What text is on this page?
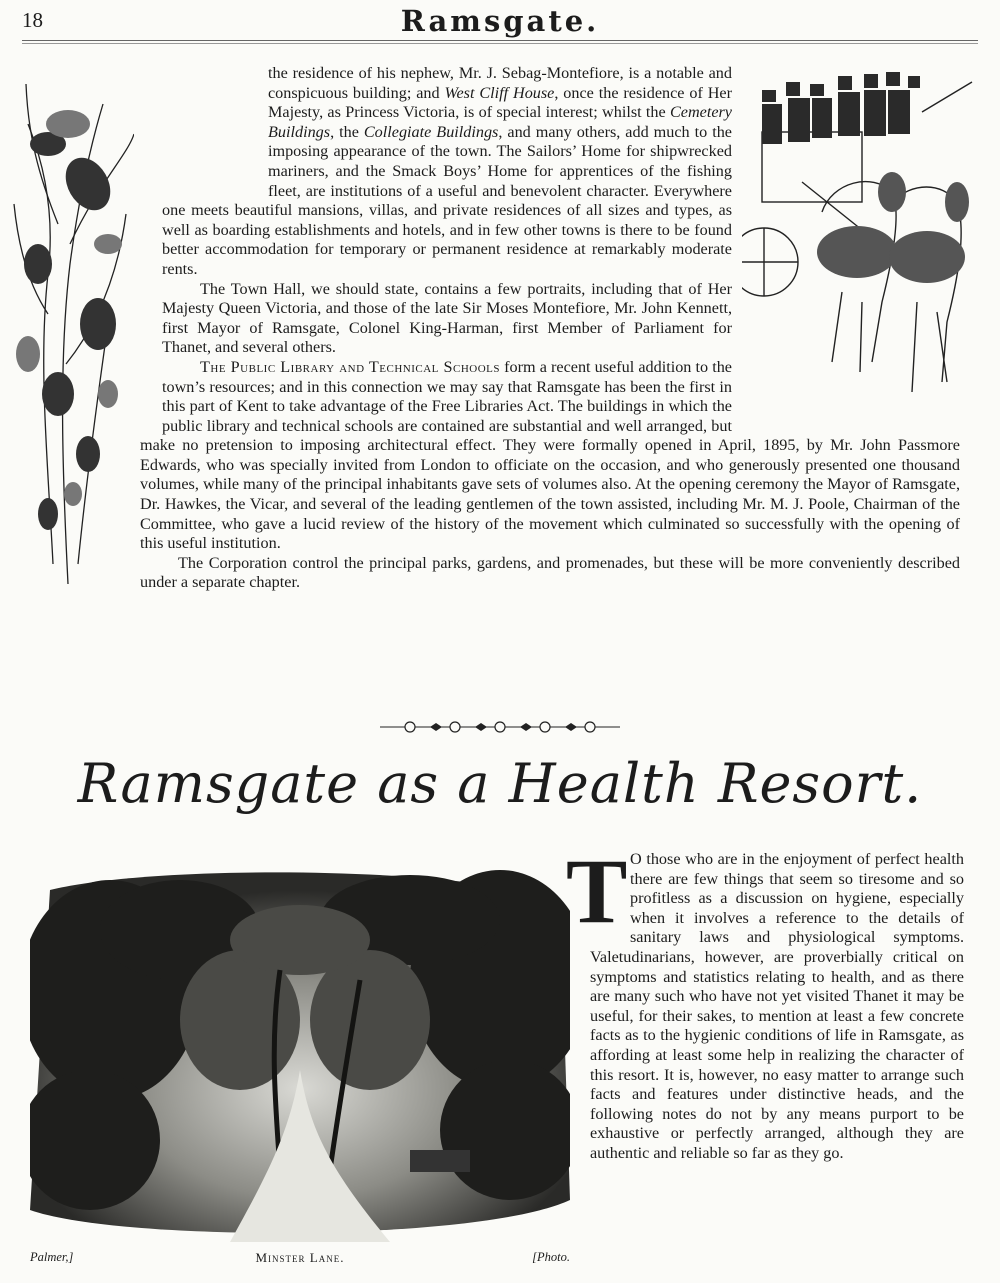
18	Ramsgate.

the residence of his nephew, Mr. J. Sebag-Montefiore, is a notable and conspicuous building; and West Cliff House, once the residence of Her Majesty, as Princess Victoria, is of special interest; whilst the Cemetery Buildings, the Collegiate Buildings, and many others, add much to the imposing appearance of the town. The Sailors’ Home for shipwrecked mariners, and the Smack Boys’ Home for apprentices of the fishing fleet, are institutions of a useful and benevolent character. Everywhere one meets beautiful mansions, villas, and private residences of all sizes and types, as well as boarding establishments and hotels, and in few other towns is there to be found better accommodation for temporary or permanent residence at remarkably moderate rents.

The Town Hall, we should state, contains a few portraits, including that of Her Majesty Queen Victoria, and those of the late Sir Moses Montefiore, Mr. John Kennett, first Mayor of Ramsgate, Colonel King-Harman, first Member of Parliament for Thanet, and several others.

The Public Library and Technical Schools form a recent useful addition to the town’s resources; and in this connection we may say that Ramsgate has been the first in this part of Kent to take advantage of the Free Libraries Act. The buildings in which the public library and technical schools are contained are substantial and well arranged, but make no pretension to imposing architectural effect. They were formally opened in April, 1895, by Mr. John Passmore Edwards, who was specially invited from London to officiate on the occasion, and who generously presented one thousand volumes, while many of the principal inhabitants gave sets of volumes also. At the opening ceremony the Mayor of Ramsgate, Dr. Hawkes, the Vicar, and several of the leading gentlemen of the town assisted, including Mr. M. J. Poole, Chairman of the Committee, who gave a lucid review of the history of the movement which culminated so successfully with the opening of this useful institution.

The Corporation control the principal parks, gardens, and promenades, but these will be more conveniently described under a separate chapter.

Ramsgate as a Health Resort.
Palmer,]	Minster Lane.	[Photo.
T O those who are in the enjoyment of perfect health there are few things that seem so tiresome and so profitless as a discussion on hygiene, especially when it involves a reference to the details of sanitary laws and physiological symptoms. Valetudinarians, however, are proverbially critical on symptoms and statistics relating to health, and as there are many such who have not yet visited Thanet it may be useful, for their sakes, to mention at least a few concrete facts as to the hygienic conditions of life in Ramsgate, as affording at least some help in realizing the character of this resort. It is, however, no easy matter to arrange such facts and features under distinctive heads, and the following notes do not by any means purport to be exhaustive or perfectly arranged, although they are authentic and reliable so far as they go.
